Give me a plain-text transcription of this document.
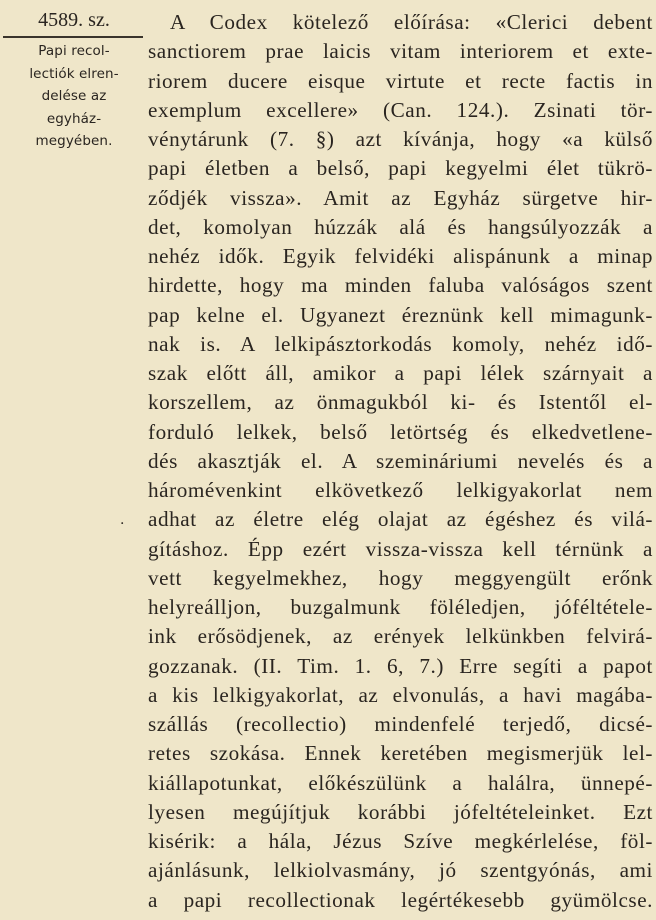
4589. sz.
Papi recol-
lectiók elren-
delése az
egyház-
megyében.
A Codex kötelező előírása: «Clerici debent
sanctiorem prae laicis vitam interiorem et exte-
riorem ducere eisque virtute et recte factis in
exemplum excellere» (Can. 124.). Zsinati tör-
vénytárunk (7. §) azt kívánja, hogy «a külső
papi életben a belső, papi kegyelmi élet tükrö-
ződjék vissza». Amit az Egyház sürgetve hir-
det, komolyan húzzák alá és hangsúlyozzák a
nehéz idők. Egyik felvidéki alispánunk a minap
hirdette, hogy ma minden faluba valóságos szent
pap kelne el. Ugyanezt éreznünk kell mimagunk-
nak is. A lelkipásztorkodás komoly, nehéz idő-
szak előtt áll, amikor a papi lélek szárnyait a
korszellem, az önmagukból ki- és Istentől el-
forduló lelkek, belső letörtség és elkedvetlene-
dés akasztják el. A szemináriumi nevelés és a
háromévenkint elkövetkező lelkigyakorlat nem
adhat az életre elég olajat az égéshez és vilá-
gításhoz. Épp ezért vissza-vissza kell térnünk a
vett kegyelmekhez, hogy meggyengült erőnk
helyreálljon, buzgalmunk föléledjen, jóféltétele-
ink erősödjenek, az erények lelkünkben felvirá-
gozzanak. (II. Tim. 1. 6, 7.) Erre segíti a papot
a kis lelkigyakorlat, az elvonulás, a havi magába-
szállás (recollectio) mindenfelé terjedő, dicsé-
retes szokása. Ennek keretében megismerjük lel-
kiállapotunkat, előkészülünk a halálra, ünnepé-
lyesen megújítjuk korábbi jófeltételeinket. Ezt
kisérik: a hála, Jézus Szíve megkérlelése, föl-
ajánlásunk, lelkiolvasmány, jó szentgyónás, ami
a papi recollectionak legértékesebb gyümölcse.
·
